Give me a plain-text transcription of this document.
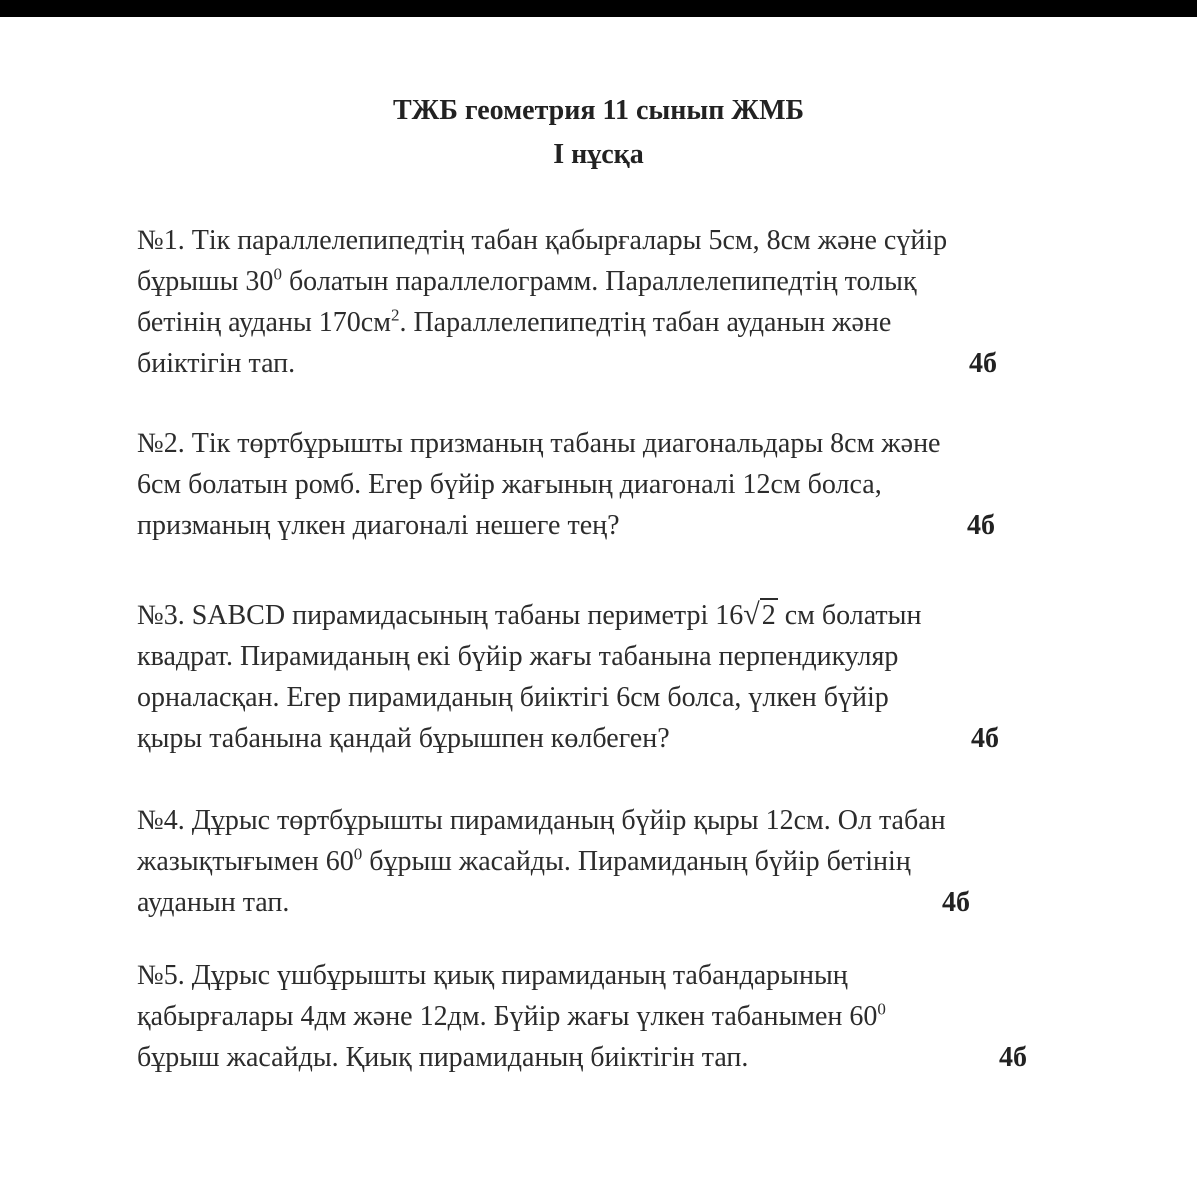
ТЖБ геометрия 11 сынып ЖМБ
I нұсқа
№1. Тік параллелепипедтің табан қабырғалары 5см, 8см және сүйір
бұрышы $30^0$ болатын параллелограмм. Параллелепипедтің толық
бетінің ауданы $170см^2$. Параллелепипедтің табан ауданын және
биіктігін тап.	4б
№2. Тік төртбұрышты призманың табаны диагональдары 8см және
6см болатын ромб. Егер бүйір жағының диагоналі 12см болса,
призманың үлкен диагоналі нешеге тең?	4б
№3. SABCD пирамидасының табаны периметрі 16√2 см болатын
квадрат. Пирамиданың екі бүйір жағы табанына перпендикуляр
орналасқан. Егер пирамиданың биіктігі 6см болса, үлкен бүйір
қыры табанына қандай бұрышпен көлбеген?	4б
№4. Дұрыс төртбұрышты пирамиданың бүйір қыры 12см. Ол табан
жазықтығымен $60^0$ бұрыш жасайды. Пирамиданың бүйір бетінің
ауданын тап.	4б
№5. Дұрыс үшбұрышты қиық пирамиданың табандарының
қабырғалары 4дм және 12дм. Бүйір жағы үлкен табанымен $60^0$
бұрыш жасайды. Қиық пирамиданың биіктігін тап.	4б
